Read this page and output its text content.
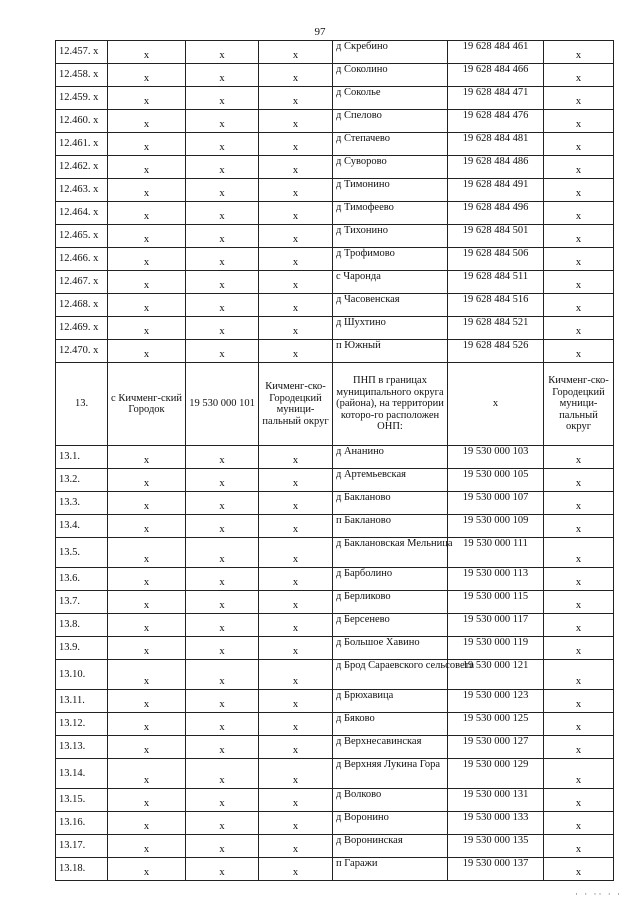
97
12.457. х	х	х	х	д Скребино	19 628 484 461	х
12.458. х	х	х	х	д Соколино	19 628 484 466	х
12.459. х	х	х	х	д Соколье	19 628 484 471	х
12.460. х	х	х	х	д Спелово	19 628 484 476	х
12.461. х	х	х	х	д Степачево	19 628 484 481	х
12.462. х	х	х	х	д Суворово	19 628 484 486	х
12.463. х	х	х	х	д Тимонино	19 628 484 491	х
12.464. х	х	х	х	д Тимофеево	19 628 484 496	х
12.465. х	х	х	х	д Тихонино	19 628 484 501	х
12.466. х	х	х	х	д Трофимово	19 628 484 506	х
12.467. х	х	х	х	с Чаронда	19 628 484 511	х
12.468. х	х	х	х	д Часовенская	19 628 484 516	х
12.469. х	х	х	х	д Шухтино	19 628 484 521	х
12.470. х	х	х	х	п Южный	19 628 484 526	х
13.	с Кичменг-ский Городок	19 530 000 101	Кичменг-ско-Городецкий муници-пальный округ	ПНП в границах муниципального округа (района), на территории которо-го расположен ОНП:	х	Кичменг-ско-Городецкий муници-пальный округ
13.1.	х	х	х	д Ананино	19 530 000 103	х
13.2.	х	х	х	д Артемьевская	19 530 000 105	х
13.3.	х	х	х	д Бакланово	19 530 000 107	х
13.4.	х	х	х	п Бакланово	19 530 000 109	х
13.5.	х	х	х	д Баклановская Мельница	19 530 000 111	х
13.6.	х	х	х	д Барболино	19 530 000 113	х
13.7.	х	х	х	д Берликово	19 530 000 115	х
13.8.	х	х	х	д Берсенево	19 530 000 117	х
13.9.	х	х	х	д Большое Хавино	19 530 000 119	х
13.10.	х	х	х	д Брод Сараевского сельсовета	19 530 000 121	х
13.11.	х	х	х	д Брюхавица	19 530 000 123	х
13.12.	х	х	х	д Бяково	19 530 000 125	х
13.13.	х	х	х	д Верхнесавинская	19 530 000 127	х
13.14.	х	х	х	д Верхняя Лукина Гора	19 530 000 129	х
13.15.	х	х	х	д Волково	19 530 000 131	х
13.16.	х	х	х	д Воронино	19 530 000 133	х
13.17.	х	х	х	д Воронинская	19 530 000 135	х
13.18.	х	х	х	п Гаражи	19 530 000 137	х
· · ·· · ·
